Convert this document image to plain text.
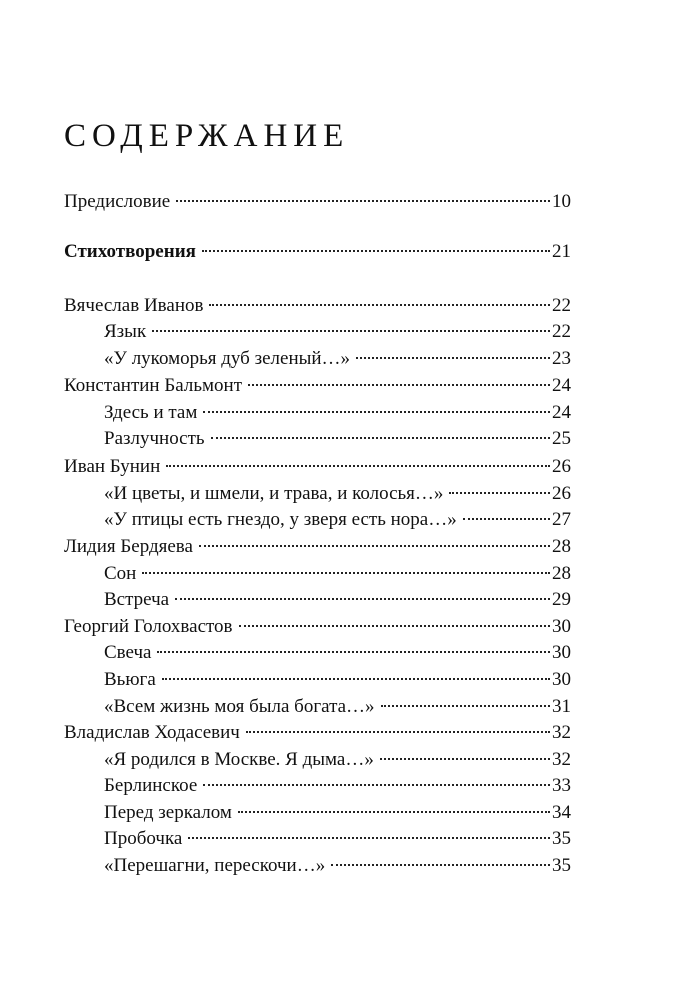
СОДЕРЖАНИЕ
Предисловие	10
Стихотворения	21
Вячеслав Иванов	22
Язык	22
«У лукоморья дуб зеленый…»	23
Константин Бальмонт	24
Здесь и там	24
Разлучность	25
Иван Бунин	26
«И цветы, и шмели, и трава, и колосья…»	26
«У птицы есть гнездо, у зверя есть нора…»	27
Лидия Бердяева	28
Сон	28
Встреча	29
Георгий Голохвастов	30
Свеча	30
Вьюга	30
«Всем жизнь моя была богата…»	31
Владислав Ходасевич	32
«Я родился в Москве. Я дыма…»	32
Берлинское	33
Перед зеркалом	34
Пробочка	35
«Перешагни, перескочи…»	35
